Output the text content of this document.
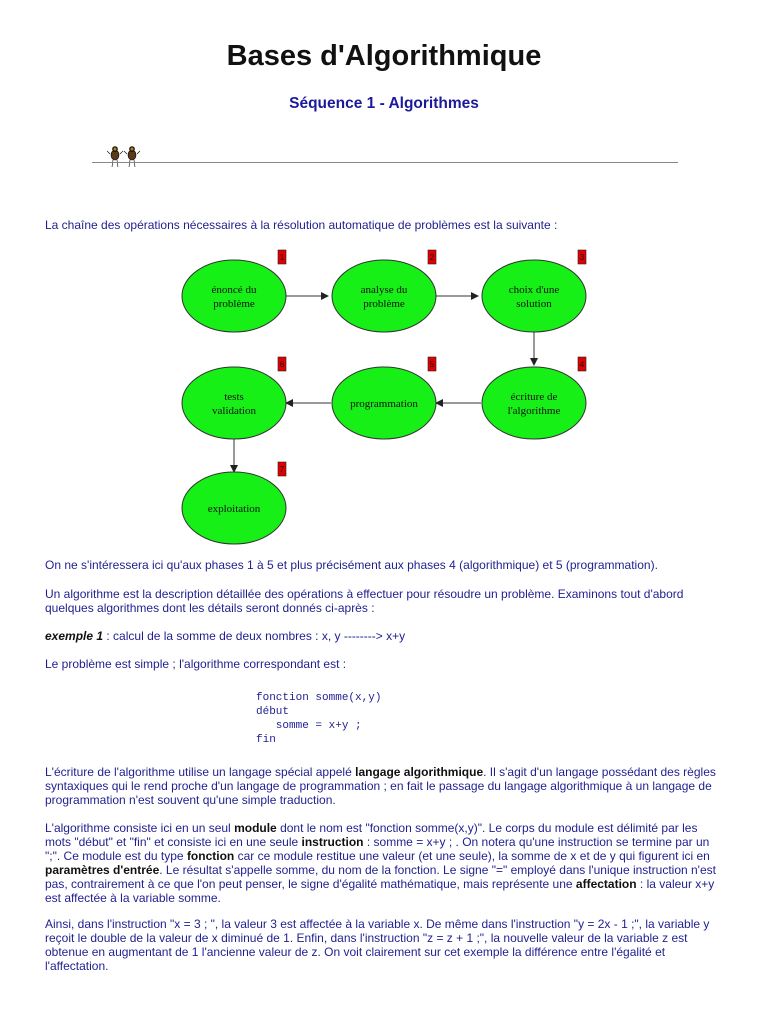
Bases d'Algorithmique
Séquence 1 - Algorithmes

La chaîne des opérations nécessaires à la résolution automatique de problèmes est la suivante :

énoncé du
problème
1
analyse du
problème
2
choix d'une
solution
3
écriture de
l'algorithme
4
programmation
5
tests
validation
6
exploitation
7

On ne s'intéressera ici qu'aux phases 1 à 5 et plus précisément aux phases 4 (algorithmique) et 5 (programmation).

Un algorithme est la description détaillée des opérations à effectuer pour résoudre un problème. Examinons tout d'abord quelques algorithmes dont les détails seront donnés ci-après :

exemple 1 : calcul de la somme de deux nombres : x, y --------> x+y

Le problème est simple ; l'algorithme correspondant est :

fonction somme(x,y)
début
somme = x+y ;
fin

L'écriture de l'algorithme utilise un langage spécial appelé langage algorithmique. Il s'agit d'un langage possédant des règles syntaxiques qui le rend proche d'un langage de programmation ; en fait le passage du langage algorithmique à un langage de programmation n'est souvent qu'une simple traduction.

L'algorithme consiste ici en un seul module dont le nom est "fonction somme(x,y)". Le corps du module est délimité par les mots "début" et "fin" et consiste ici en une seule instruction : somme = x+y ; . On notera qu'une instruction se termine par un ";". Ce module est du type fonction car ce module restitue une valeur (et une seule), la somme de x et de y qui figurent ici en paramètres d'entrée. Le résultat s'appelle somme, du nom de la fonction. Le signe "=" employé dans l'unique instruction n'est pas, contrairement à ce que l'on peut penser, le signe d'égalité mathématique, mais représente une affectation : la valeur x+y est affectée à la variable somme.

Ainsi, dans l'instruction "x = 3 ; ", la valeur 3 est affectée à la variable x. De même dans l'instruction "y = 2x - 1 ;", la variable y reçoit le double de la valeur de x diminué de 1. Enfin, dans l'instruction "z = z + 1 ;", la nouvelle valeur de la variable z est obtenue en augmentant de 1 l'ancienne valeur de z. On voit clairement sur cet exemple la différence entre l'égalité et l'affectation.
